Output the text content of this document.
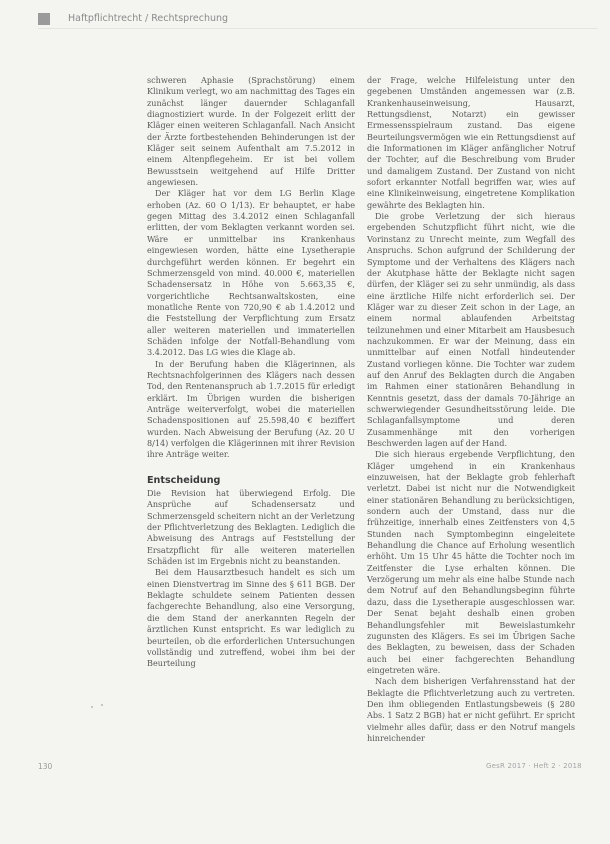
Haftpflichtrecht / Rechtsprechung

schweren Aphasie (Sprachstörung) einem Klinikum verlegt, wo am nachmittag des Tages ein zunächst länger dauernder Schlaganfall diagnostiziert wurde. In der Folgezeit erlitt der Kläger einen weiteren Schlaganfall. Nach Ansicht der Ärzte fortbestehenden Behinderungen ist der Kläger seit seinem Aufenthalt am 7.5.2012 in einem Altenpflegeheim. Er ist bei vollem Bewusstsein weitgehend auf Hilfe Dritter angewiesen.

Der Kläger hat vor dem LG Berlin Klage erhoben (Az. 60 O 1/13). Er behauptet, er habe gegen Mittag des 3.4.2012 einen Schlaganfall erlitten, der vom Beklagten verkannt worden sei. Wäre er unmittelbar ins Krankenhaus eingewiesen worden, hätte eine Lysetherapie durchgeführt werden können. Er begehrt ein Schmerzensgeld von mind. 40.000 €, materiellen Schadensersatz in Höhe von 5.663,35 €, vorgerichtliche Rechtsanwaltskosten, eine monatliche Rente von 720,90 € ab 1.4.2012 und die Feststellung der Verpflichtung zum Ersatz aller weiteren materiellen und immateriellen Schäden infolge der Notfall-Behandlung vom 3.4.2012. Das LG wies die Klage ab.

In der Berufung haben die Klägerinnen, als Rechtsnachfolgerinnen des Klägers nach dessen Tod, den Rentenanspruch ab 1.7.2015 für erledigt erklärt. Im Übrigen wurden die bisherigen Anträge weiterverfolgt, wobei die materiellen Schadenspositionen auf 25.598,40 € beziffert wurden. Nach Abweisung der Berufung (Az. 20 U 8/14) verfolgen die Klägerinnen mit ihrer Revision ihre Anträge weiter.

Entscheidung

Die Revision hat überwiegend Erfolg. Die Ansprüche auf Schadensersatz und Schmerzensgeld scheitern nicht an der Verletzung der Pflichtverletzung des Beklagten. Lediglich die Abweisung des Antrags auf Feststellung der Ersatzpflicht für alle weiteren materiellen Schäden ist im Ergebnis nicht zu beanstanden.

Bei dem Hausarztbesuch handelt es sich um einen Dienstvertrag im Sinne des § 611 BGB. Der Beklagte schuldete seinem Patienten dessen fachgerechte Behandlung, also eine Versorgung, die dem Stand der anerkannten Regeln der ärztlichen Kunst entspricht. Es war lediglich zu beurteilen, ob die erforderlichen Untersuchungen vollständig und zutreffend, wobei ihm bei der Beurteilung

der Frage, welche Hilfeleistung unter den gegebenen Umständen angemessen war (z.B. Krankenhauseinweisung, Hausarzt, Rettungsdienst, Notarzt) ein gewisser Ermessensspielraum zustand. Das eigene Beurteilungsvermögen wie ein Rettungsdienst auf die Informationen im Kläger anfänglicher Notruf der Tochter, auf die Beschreibung vom Bruder und damaligem Zustand. Der Zustand von nicht sofort erkannter Notfall begriffen war, wies auf eine Klinikeinweisung, eingetretene Komplikation gewährte des Beklagten hin.

Die grobe Verletzung der sich hieraus ergebenden Schutzpflicht führt nicht, wie die Vorinstanz zu Unrecht meinte, zum Wegfall des Anspruchs. Schon aufgrund der Schilderung der Symptome und der Verhaltens des Klägers nach der Akutphase hätte der Beklagte nicht sagen dürfen, der Kläger sei zu sehr unmündig, als dass eine ärztliche Hilfe nicht erforderlich sei. Der Kläger war zu dieser Zeit schon in der Lage, an einem normal ablaufenden Arbeitstag teilzunehmen und einer Mitarbeit am Hausbesuch nachzukommen. Er war der Meinung, dass ein unmittelbar auf einen Notfall hindeutender Zustand vorliegen könne. Die Tochter war zudem auf den Anruf des Beklagten durch die Angaben im Rahmen einer stationären Behandlung in Kenntnis gesetzt, dass der damals 70-Jährige an schwerwiegender Gesundheitsstörung leide. Die Schlaganfallsymptome und deren Zusammenhänge mit den vorherigen Beschwerden lagen auf der Hand.

Die sich hieraus ergebende Verpflichtung, den Kläger umgehend in ein Krankenhaus einzuweisen, hat der Beklagte grob fehlerhaft verletzt. Dabei ist nicht nur die Notwendigkeit einer stationären Behandlung zu berücksichtigen, sondern auch der Umstand, dass nur die frühzeitige, innerhalb eines Zeitfensters von 4,5 Stunden nach Symptombeginn eingeleitete Behandlung die Chance auf Erholung wesentlich erhöht. Um 15 Uhr 45 hätte die Tochter noch im Zeitfenster die Lyse erhalten können. Die Verzögerung um mehr als eine halbe Stunde nach dem Notruf auf den Behandlungsbeginn führte dazu, dass die Lysetherapie ausgeschlossen war. Der Senat bejaht deshalb einen groben Behandlungsfehler mit Beweislastumkehr zugunsten des Klägers. Es sei im Übrigen Sache des Beklagten, zu beweisen, dass der Schaden auch bei einer fachgerechten Behandlung eingetreten wäre.

Nach dem bisherigen Verfahrensstand hat der Beklagte die Pflichtverletzung auch zu vertreten. Den ihm obliegenden Entlastungsbeweis (§ 280 Abs. 1 Satz 2 BGB) hat er nicht geführt. Er spricht vielmehr alles dafür, dass er den Notruf mangels hinreichender

130	GesR 2017 · Heft 2 · 2018
